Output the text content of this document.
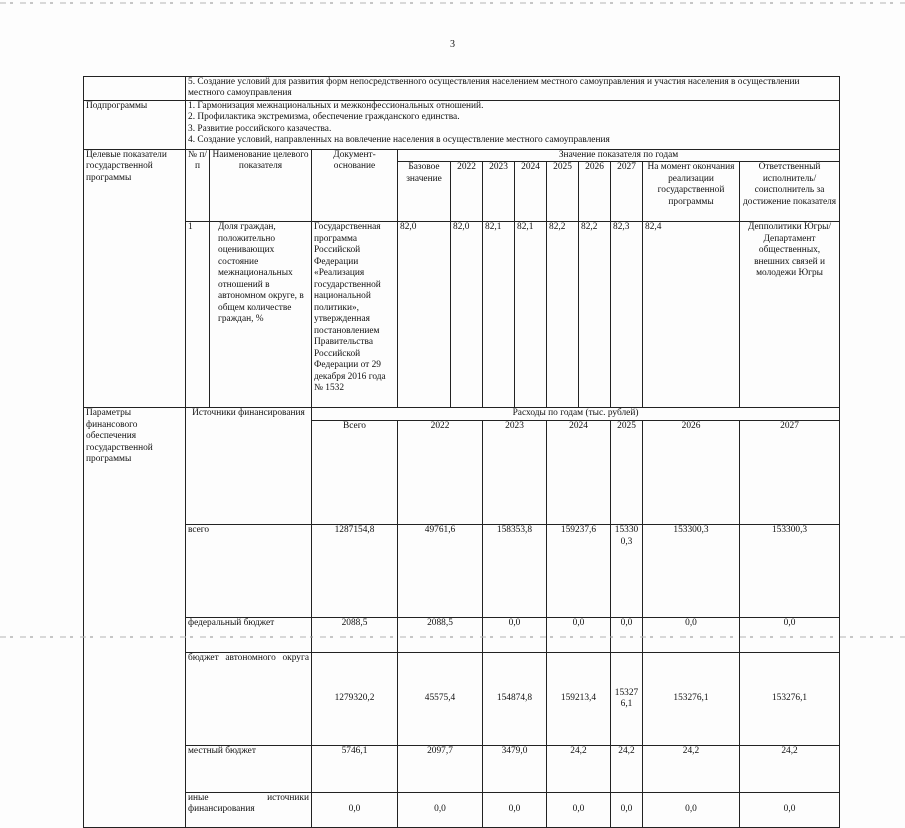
3
	5. Создание условий для развития форм непосредственного осуществления населением местного самоуправления и участия населения в осуществлении местного самоуправления												
Подпрограммы	1. Гармонизация межнациональных и межконфессиональных отношений.
2. Профилактика экстремизма, обеспечение гражданского единства.
3. Развитие российского казачества.
4. Создание условий, направленных на вовлечение населения в осуществление местного самоуправления												

Целевые показатели государственной программы	№ п/п	Наименование целевого показателя	Документ-основание	Значение показателя по годам									
				Базовое значение	2022	2023	2024	2025	2026	2027	На момент окончания реализации государственной программы	Ответственный исполнитель/ соисполнитель за достижение показателя	
	1	Доля граждан, положительно оценивающих состояние межнациональных отношений в автономном округе, в общем количестве граждан, %	Государственная программа Российской Федерации «Реализация государственной национальной политики», утвержденная постановлением Правительства Российской Федерации от 29 декабря 2016 года № 1532	82,0	82,0	82,1	82,1	82,2	82,2	82,3	82,4	Депполитики Югры/Департамент общественных, внешних связей и молодежи Югры	
Параметры финансового обеспечения государственной программы	Источники финансирования		Расходы по годам (тыс. рублей)										
			Всего	2022		2023		2024		2025	2026	2027	
	всего		1287154,8	49761,6		158353,8		159237,6		153300,3	153300,3	153300,3	
	федеральный бюджет		2088,5	2088,5		0,0		0,0		0,0	0,0	0,0	
	бюджет автономного округа		1279320,2	45575,4		154874,8		159213,4		153276,1	153276,1	153276,1	
	местный бюджет		5746,1	2097,7		3479,0		24,2		24,2	24,2	24,2	
	иные источники финансирования		0,0	0,0		0,0		0,0		0,0	0,0	0,0	
